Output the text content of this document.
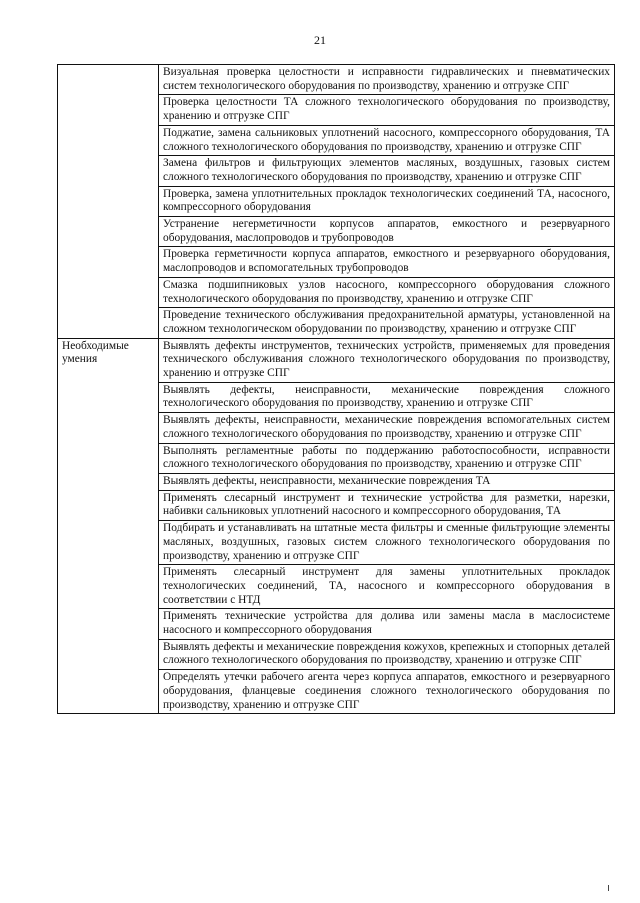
21
	Визуальная проверка целостности и исправности гидравлических и пневматических систем технологического оборудования по производству, хранению и отгрузке СПГ
	Проверка целостности ТА сложного технологического оборудования по производству, хранению и отгрузке СПГ
	Поджатие, замена сальниковых уплотнений насосного, компрессорного оборудования, ТА сложного технологического оборудования по производству, хранению и отгрузке СПГ
	Замена фильтров и фильтрующих элементов масляных, воздушных, газовых систем сложного технологического оборудования по производству, хранению и отгрузке СПГ
	Проверка, замена уплотнительных прокладок технологических соединений ТА, насосного, компрессорного оборудования
	Устранение негерметичности корпусов аппаратов, емкостного и резервуарного оборудования, маслопроводов и трубопроводов
	Проверка герметичности корпуса аппаратов, емкостного и резервуарного оборудования, маслопроводов и вспомогательных трубопроводов
	Смазка подшипниковых узлов насосного, компрессорного оборудования сложного технологического оборудования по производству, хранению и отгрузке СПГ
	Проведение технического обслуживания предохранительной арматуры, установленной на сложном технологическом оборудовании по производству, хранению и отгрузке СПГ
Необходимые умения	Выявлять дефекты инструментов, технических устройств, применяемых для проведения технического обслуживания сложного технологического оборудования по производству, хранению и отгрузке СПГ
	Выявлять дефекты, неисправности, механические повреждения сложного технологического оборудования по производству, хранению и отгрузке СПГ
	Выявлять дефекты, неисправности, механические повреждения вспомогательных систем сложного технологического оборудования по производству, хранению и отгрузке СПГ
	Выполнять регламентные работы по поддержанию работоспособности, исправности сложного технологического оборудования по производству, хранению и отгрузке СПГ
	Выявлять дефекты, неисправности, механические повреждения ТА
	Применять слесарный инструмент и технические устройства для разметки, нарезки, набивки сальниковых уплотнений насосного и компрессорного оборудования, ТА
	Подбирать и устанавливать на штатные места фильтры и сменные фильтрующие элементы масляных, воздушных, газовых систем сложного технологического оборудования по производству, хранению и отгрузке СПГ
	Применять слесарный инструмент для замены уплотнительных прокладок технологических соединений, ТА, насосного и компрессорного оборудования в соответствии с НТД
	Применять технические устройства для долива или замены масла в маслосистеме насосного и компрессорного оборудования
	Выявлять дефекты и механические повреждения кожухов, крепежных и стопорных деталей сложного технологического оборудования по производству, хранению и отгрузке СПГ
	Определять утечки рабочего агента через корпуса аппаратов, емкостного и резервуарного оборудования, фланцевые соединения сложного технологического оборудования по производству, хранению и отгрузке СПГ
